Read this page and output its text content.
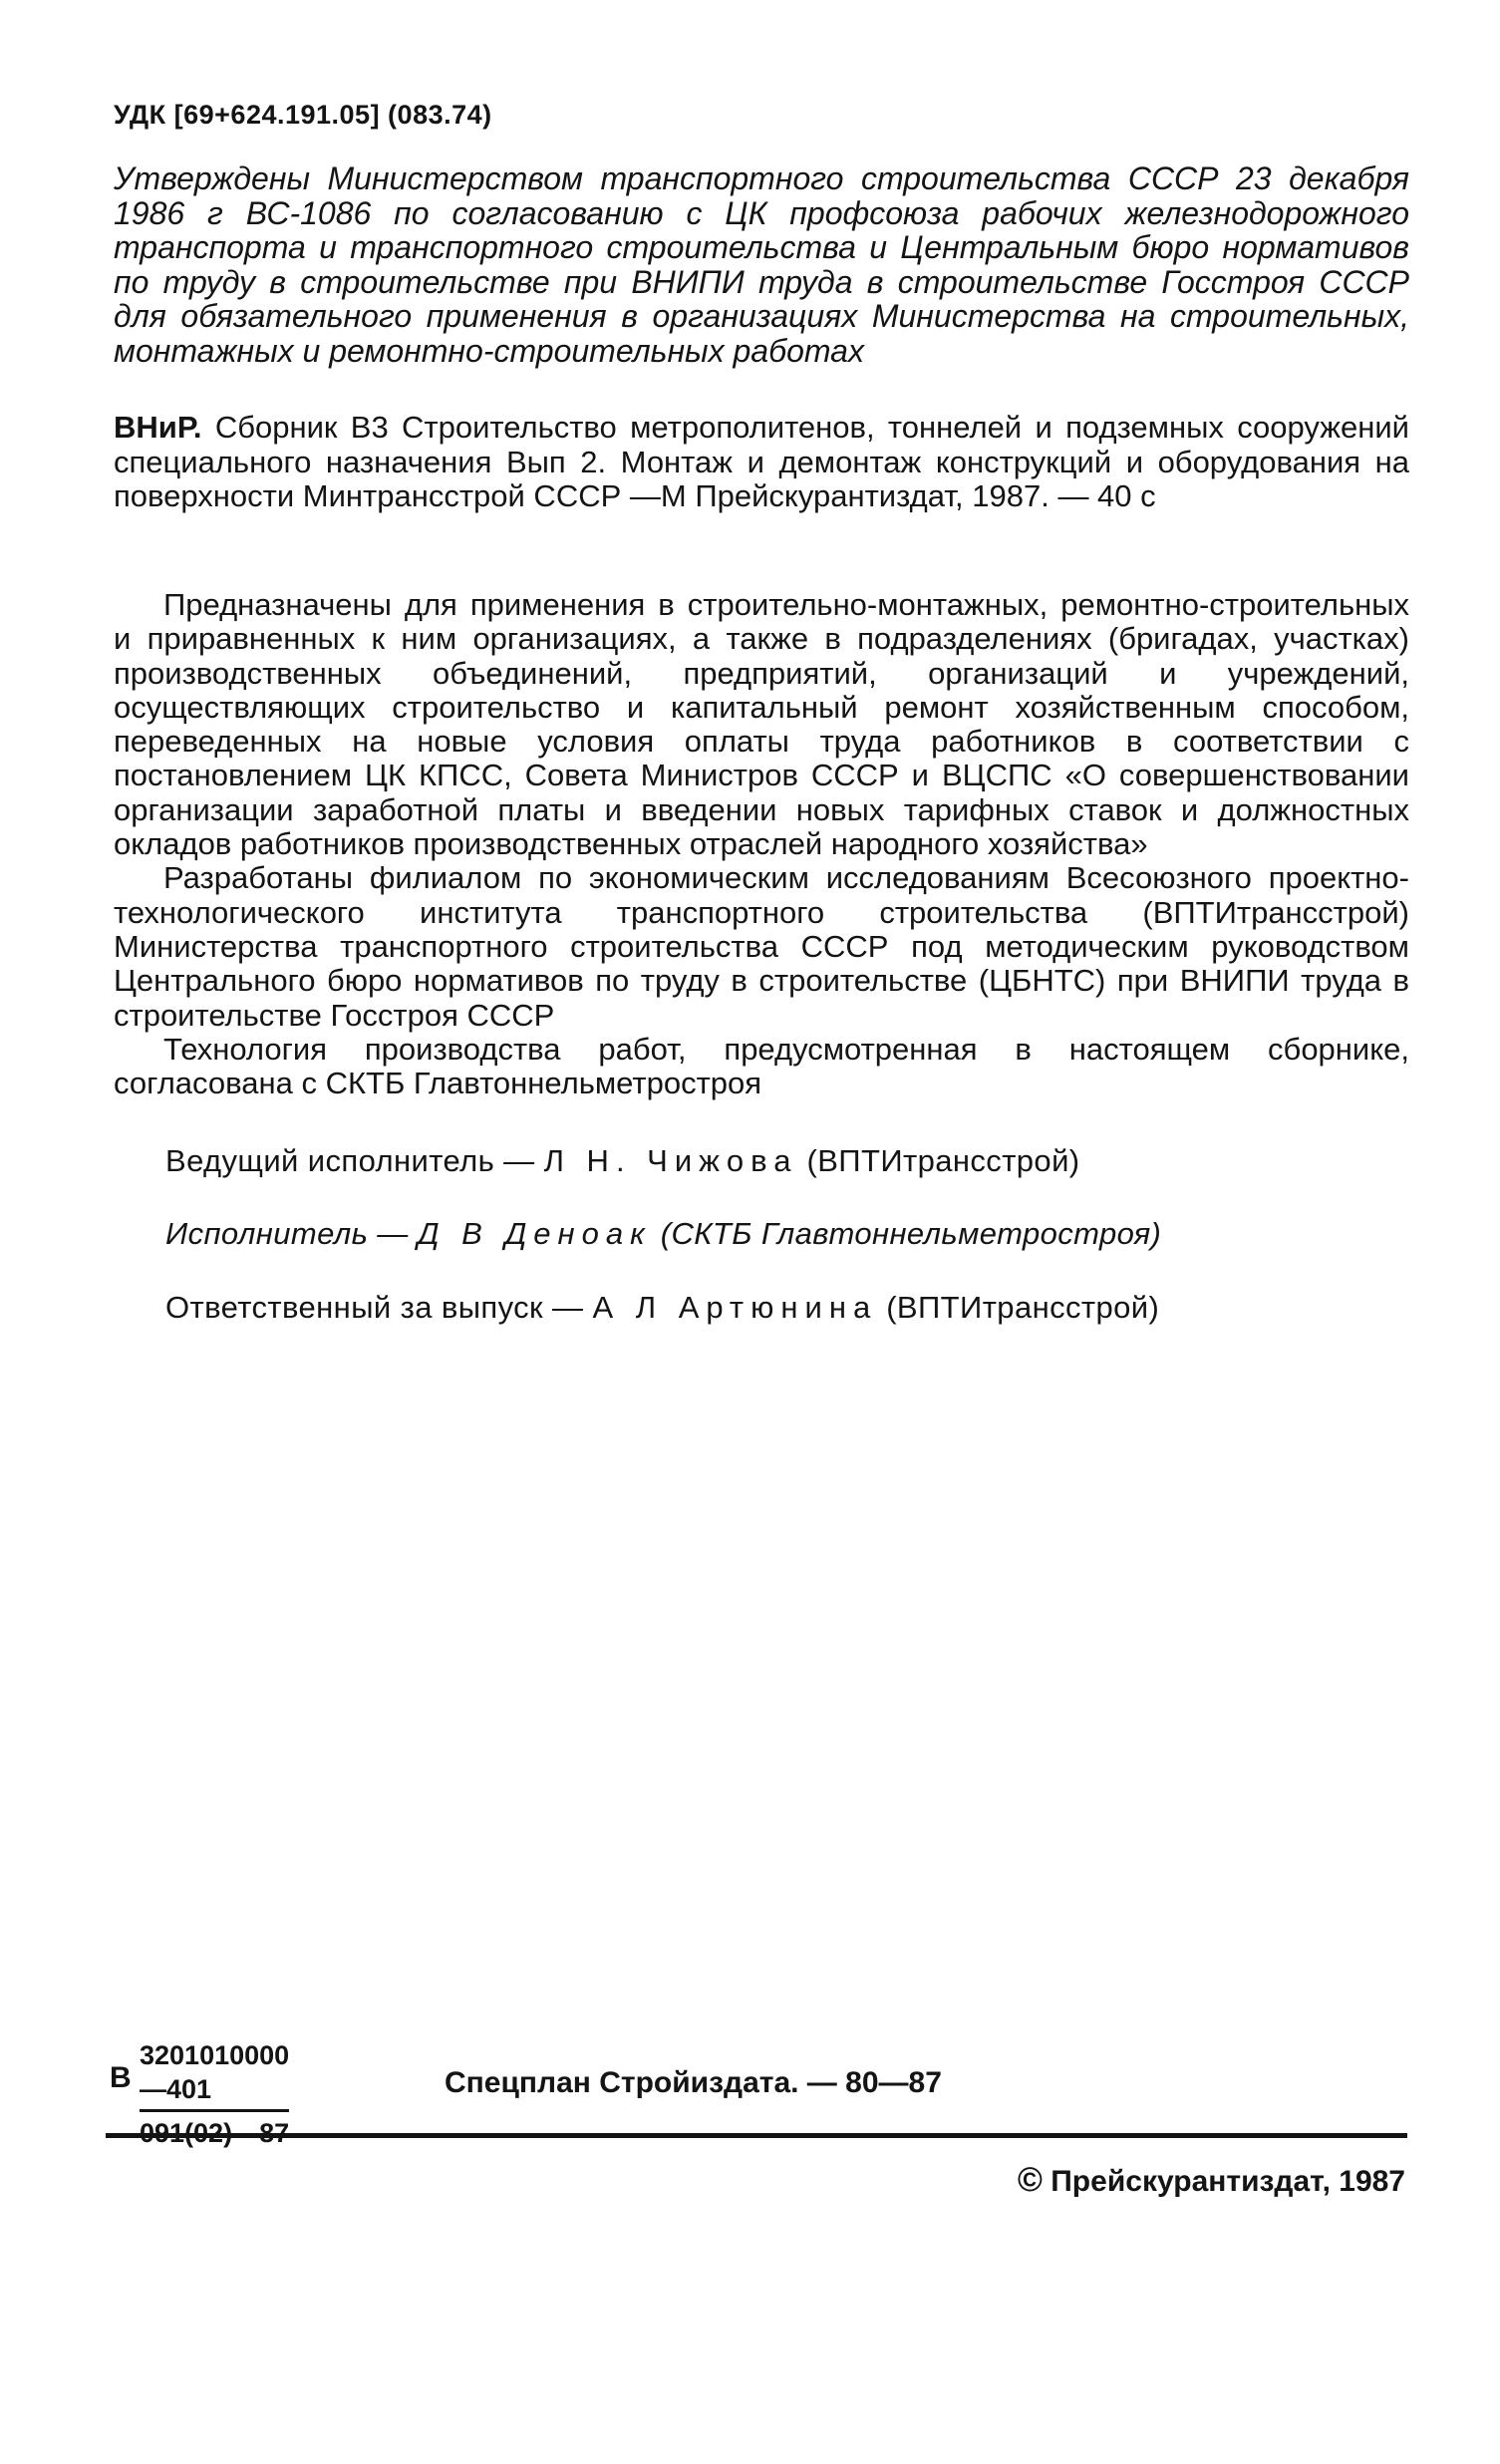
УДК [69+624.191.05] (083.74)
Утверждены Министерством транспортного строительства СССР 23 декабря 1986 г ВС-1086 по согласованию с ЦК профсоюза рабочих железнодорожного транспорта и транспортного строительства и Центральным бюро нормативов по труду в строительстве при ВНИПИ труда в строительстве Госстроя СССР для обязательного применения в организациях Министерства на строительных, монтажных и ремонтно-строительных работах
ВНиР. Сборник В3 Строительство метрополитенов, тоннелей и подземных сооружений специального назначения Вып 2. Монтаж и демонтаж конструкций и оборудования на поверхности Минтрансстрой СССР —М Прейскурантиздат, 1987. — 40 с

Предназначены для применения в строительно-монтажных, ремонтно-строительных и приравненных к ним организациях, а также в подразделениях (бригадах, участках) производственных объединений, предприятий, организаций и учреждений, осуществляющих строительство и капитальный ремонт хозяйственным способом, переведенных на новые условия оплаты труда работников в соответствии с постановлением ЦК КПСС, Совета Министров СССР и ВЦСПС «О совершенствовании организации заработной платы и введении новых тарифных ставок и должностных окладов работников производственных отраслей народного хозяйства»

Разработаны филиалом по экономическим исследованиям Всесоюзного проектно-технологического института транспортного строительства (ВПТИтрансстрой) Министерства транспортного строительства СССР под методическим руководством Центрального бюро нормативов по труду в строительстве (ЦБНТС) при ВНИПИ труда в строительстве Госстроя СССР

Технология производства работ, предусмотренная в настоящем сборнике, согласована с СКТБ Главтоннельметростроя

Ведущий исполнитель — Л Н. Чижова (ВПТИтрансстрой)
Исполнитель — Д В Деноак (СКТБ Главтоннельметростроя)
Ответственный за выпуск — А Л Артюнина (ВПТИтрансстрой)
В
3201010000—401	Спецплан Стройиздата. — 80—87
© Прейскурантиздат, 1987
